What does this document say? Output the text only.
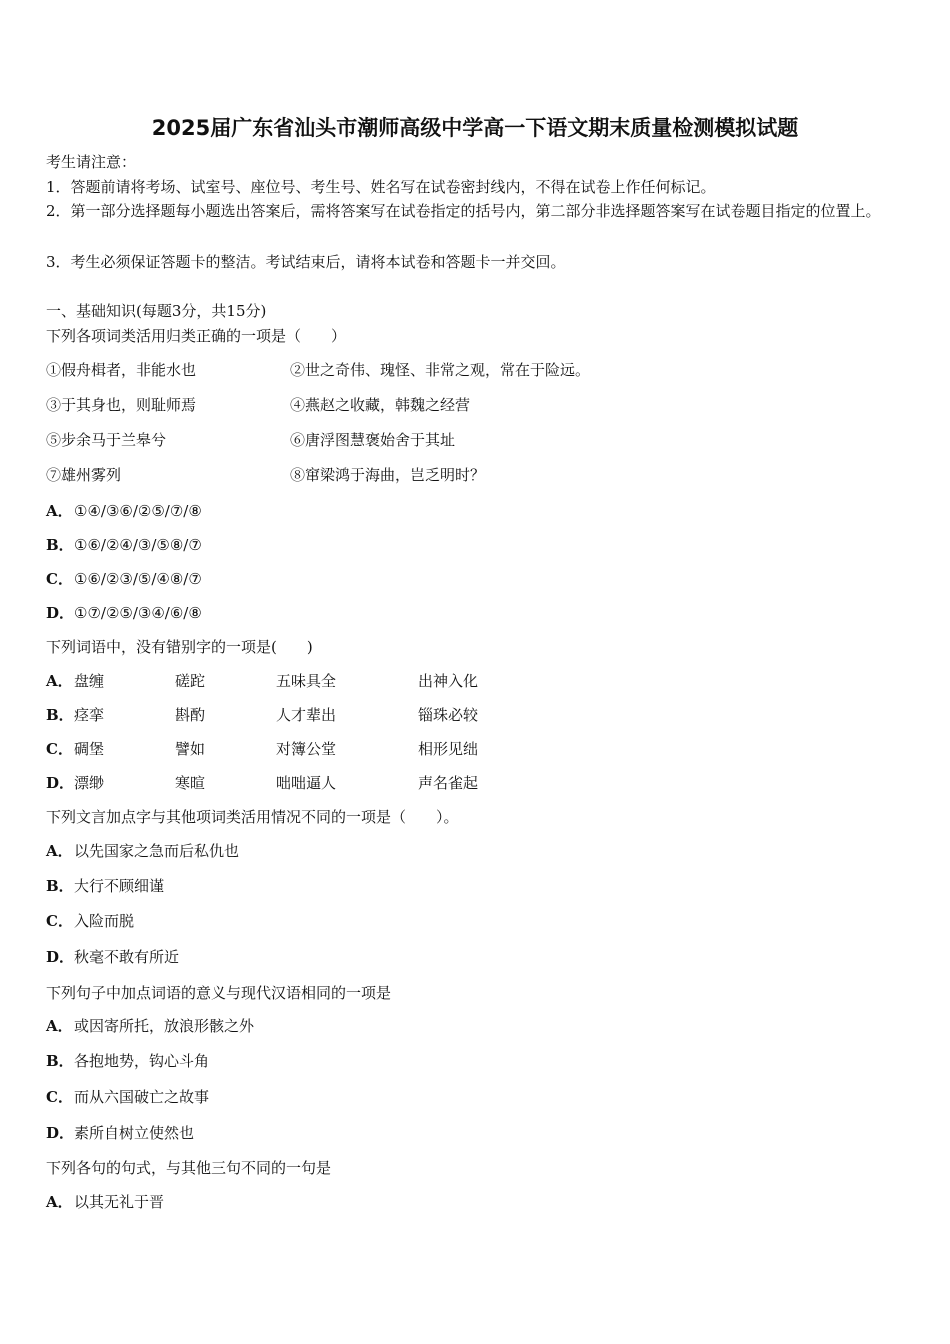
2025届广东省汕头市潮师高级中学高一下语文期末质量检测模拟试题
考生请注意：
1．答题前请将考场、试室号、座位号、考生号、姓名写在试卷密封线内，不得在试卷上作任何标记。
2．第一部分选择题每小题选出答案后，需将答案写在试卷指定的括号内，第二部分非选择题答案写在试卷题目指定的位置上。
3．考生必须保证答题卡的整洁。考试结束后，请将本试卷和答题卡一并交回。
一、基础知识(每题3分，共15分)
下列各项词类活用归类正确的一项是（　　）
①假舟楫者，非能水也	②世之奇伟、瑰怪、非常之观，常在于险远。
③于其身也，则耻师焉	④燕赵之收藏，韩魏之经营
⑤步余马于兰皋兮	⑥唐浮图慧褒始舍于其址
⑦雄州雾列	⑧窜梁鸿于海曲，岂乏明时？
A．①④/③⑥/②⑤/⑦/⑧
B．①⑥/②④/③/⑤⑧/⑦
C．①⑥/②③/⑤/④⑧/⑦
D．①⑦/②⑤/③④/⑥/⑧
下列词语中，没有错别字的一项是(　　)
A． 盘缠	磋跎	五味具全	出神入化
B． 痉挛	斟酌	人才辈出	锱珠必较
C． 碉堡	譬如	对簿公堂	相形见绌
D． 漂缈	寒暄	咄咄逼人	声名雀起
下列文言加点字与其他项词类活用情况不同的一项是（　　）。
A．以先国家之急而后私仇也
B．大行不顾细谨
C．入险而脱
D．秋毫不敢有所近
下列句子中加点词语的意义与现代汉语相同的一项是
A．或因寄所托，放浪形骸之外
B．各抱地势，钩心斗角
C．而从六国破亡之故事
D．素所自树立使然也
下列各句的句式，与其他三句不同的一句是
A．以其无礼于晋
